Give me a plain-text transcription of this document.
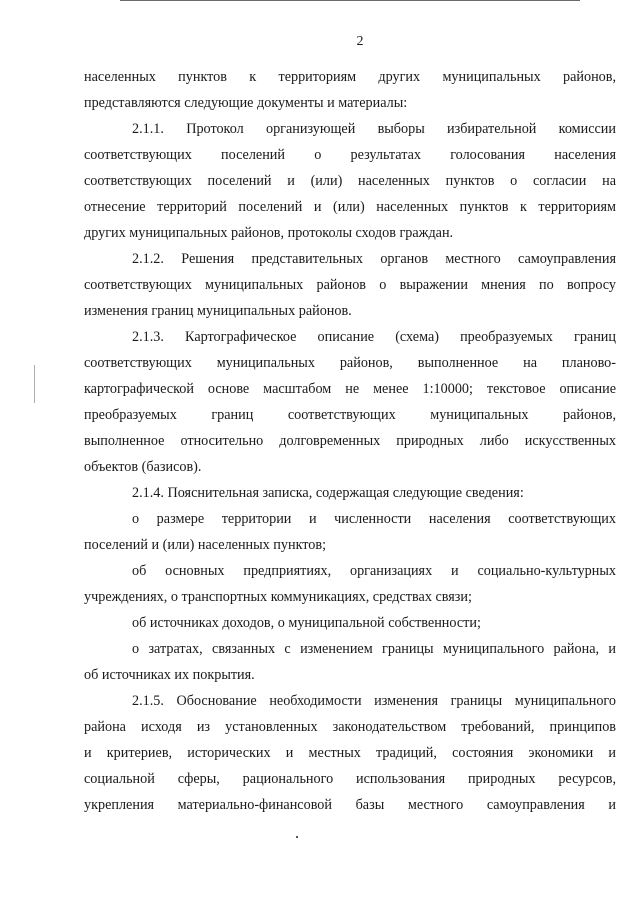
2
населенных пунктов к территориям других муниципальных районов,
представляются следующие документы и материалы:
2.1.1. Протокол организующей выборы избирательной комиссии
соответствующих поселений о результатах голосования населения
соответствующих поселений и (или) населенных пунктов о согласии на
отнесение территорий поселений и (или) населенных пунктов к территориям
других муниципальных районов, протоколы сходов граждан.
2.1.2. Решения представительных органов местного самоуправления
соответствующих муниципальных районов о выражении мнения по вопросу
изменения границ муниципальных районов.
2.1.3. Картографическое описание (схема) преобразуемых границ
соответствующих муниципальных районов, выполненное на планово-
картографической основе масштабом не менее 1:10000; текстовое описание
преобразуемых границ соответствующих муниципальных районов,
выполненное относительно долговременных природных либо искусственных
объектов (базисов).
2.1.4. Пояснительная записка, содержащая следующие сведения:
о размере территории и численности населения соответствующих
поселений и (или) населенных пунктов;
об основных предприятиях, организациях и социально-культурных
учреждениях, о транспортных коммуникациях, средствах связи;
об источниках доходов, о муниципальной собственности;
о затратах, связанных с изменением границы муниципального района, и
об источниках их покрытия.
2.1.5. Обоснование необходимости изменения границы муниципального
района исходя из установленных законодательством требований, принципов
и критериев, исторических и местных традиций, состояния экономики и
социальной сферы, рационального использования природных ресурсов,
укрепления материально-финансовой базы местного самоуправления и
